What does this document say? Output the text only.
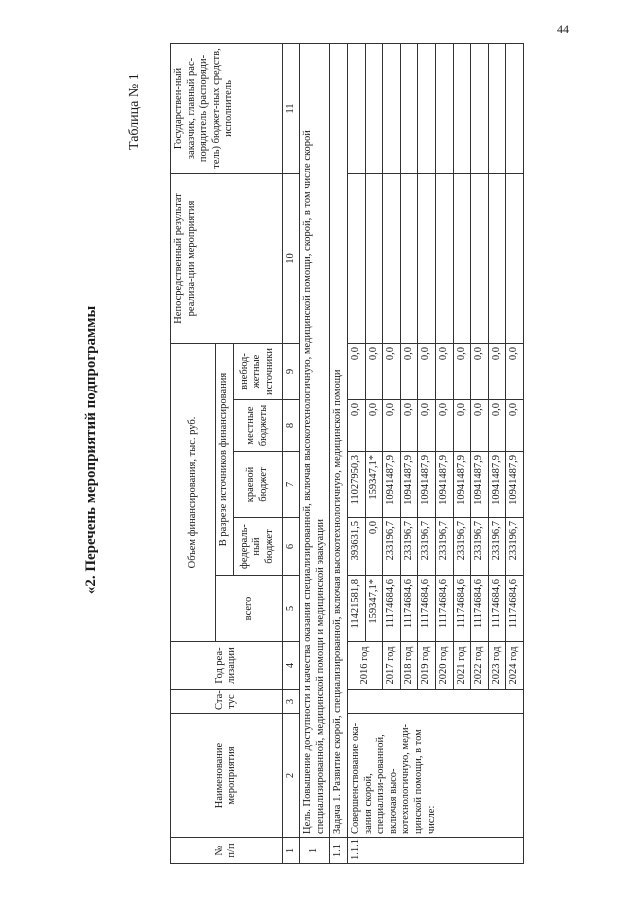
44
«2. Перечень мероприятий подпрограммы
Таблица № 1
№ п/п	Наименование мероприятия	Ста-тус	Год реа-лизации	Объем финансирования, тыс. руб.					Непосредственный результат реализа-ции мероприятия	Государствен-ный заказчик, главный рас-порядитель (распоряди-тель) бюджет-ных средств, исполнитель
				всего	В разрезе источников финансирования					
					федераль-ный бюджет	краевой бюджет	местные бюджеты	внебюд-жетные источники		
1	2	3	4	5	6	7	8	9	10	11
1	Цель. Повышение доступности и качества оказания специализированной, включая высокотехнологичную, медицинской помощи, скорой, в том числе скорой специализированной, медицинской помощи и медицинской эвакуации									
1.1	Задача 1. Развитие скорой, специализированной, включая высокотехнологичную, медицинской помощи									
1.1.1	Совершенствование ока-зания скорой, специализи-рованной, включая высо-котехнологичную, меди-цинской помощи, в том числе:		2016 год	11421581,8	393631,5	11027950,3	0,0	0,0		
				159347,1*	0,0	159347,1*	0,0	0,0		
			2017 год	11174684,6	233196,7	10941487,9	0,0	0,0		
			2018 год	11174684,6	233196,7	10941487,9	0,0	0,0		
			2019 год	11174684,6	233196,7	10941487,9	0,0	0,0		
			2020 год	11174684,6	233196,7	10941487,9	0,0	0,0		
			2021 год	11174684,6	233196,7	10941487,9	0,0	0,0		
			2022 год	11174684,6	233196,7	10941487,9	0,0	0,0		
			2023 год	11174684,6	233196,7	10941487,9	0,0	0,0		
			2024 год	11174684,6	233196,7	10941487,9	0,0	0,0		
